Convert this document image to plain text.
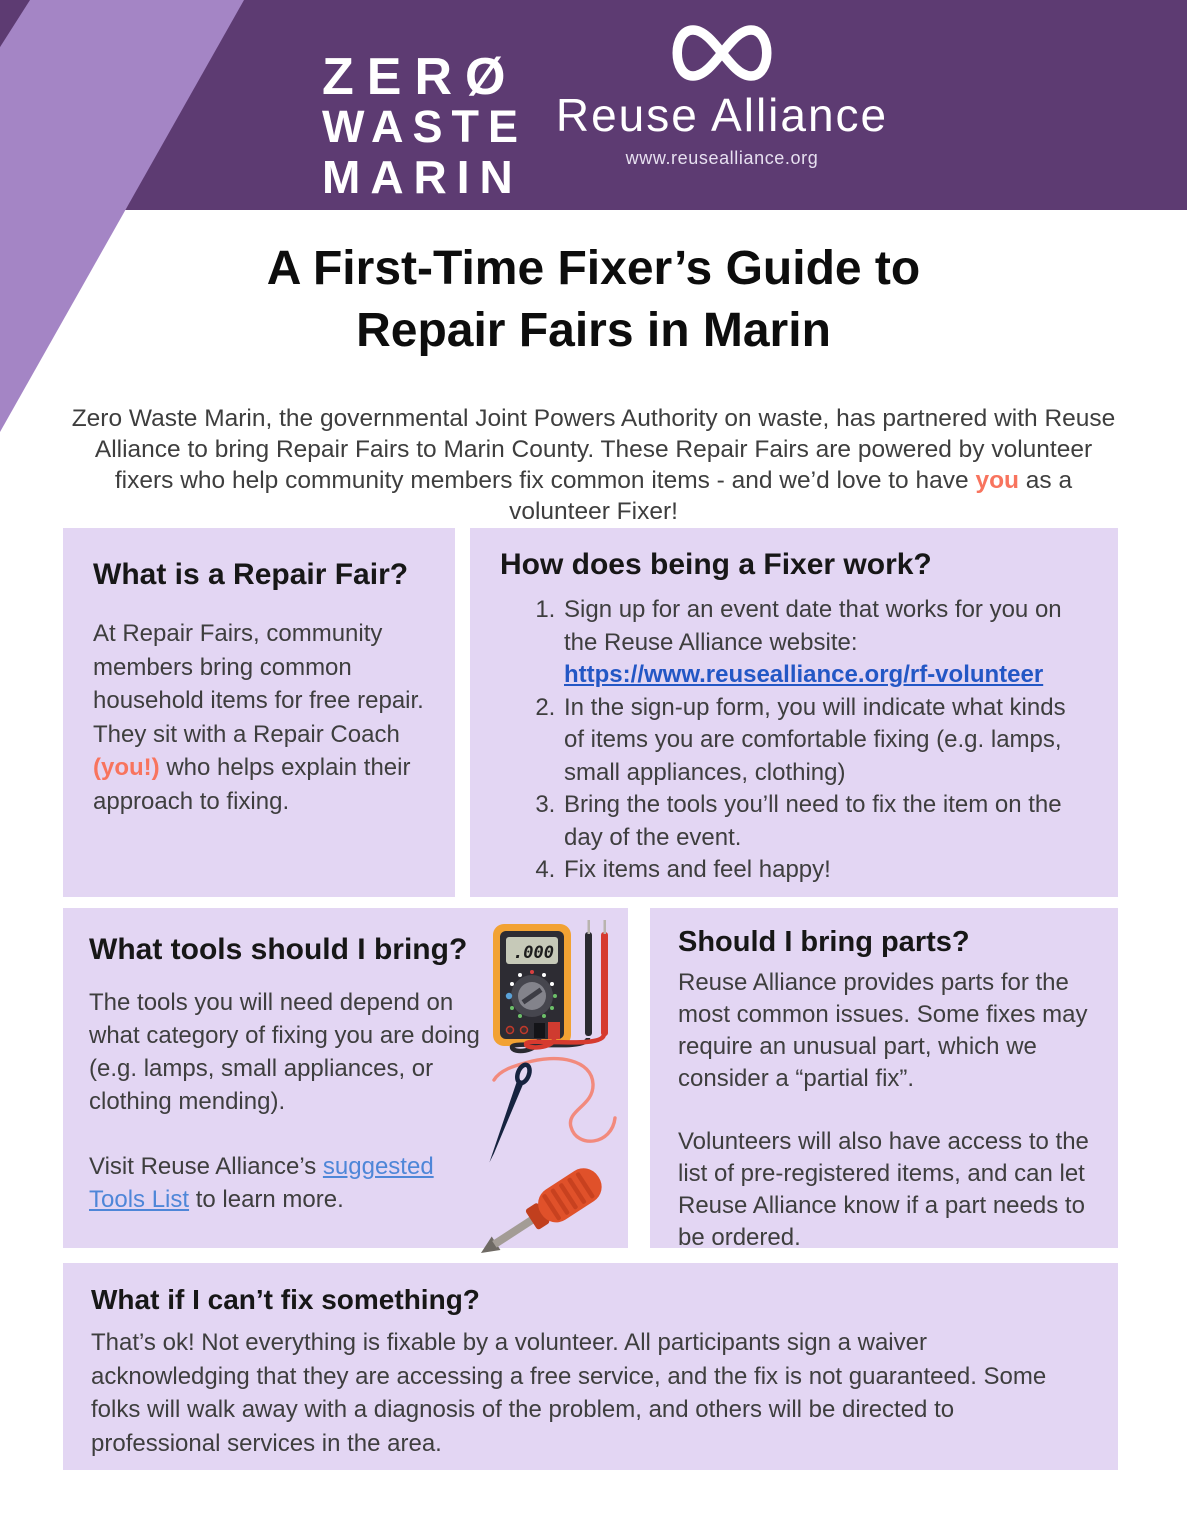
ZERØ
WASTE
MARIN
Reuse Alliance
www.reusealliance.org
A First-Time Fixer’s Guide to
Repair Fairs in Marin

Zero Waste Marin, the governmental Joint Powers Authority on waste, has partnered with Reuse Alliance to bring Repair Fairs to Marin County. These Repair Fairs are powered by volunteer fixers who help community members fix common items - and we’d love to have you as a volunteer Fixer!

What is a Repair Fair?

At Repair Fairs, community members bring common household items for free repair. They sit with a Repair Coach (you!) who helps explain their approach to fixing.

How does being a Fixer work?
1. Sign up for an event date that works for you on the Reuse Alliance website: https://www.reusealliance.org/rf-volunteer
2. In the sign-up form, you will indicate what kinds of items you are comfortable fixing (e.g. lamps, small appliances, clothing)
3. Bring the tools you’ll need to fix the item on the day of the event.
4. Fix items and feel happy!
What tools should I bring?

The tools you will need depend on what category of fixing you are doing (e.g. lamps, small appliances, or clothing mending).

Visit Reuse Alliance’s suggested Tools List to learn more.

.000	Should I bring parts?

Reuse Alliance provides parts for the most common issues. Some fixes may require an unusual part, which we consider a “partial fix”.

Volunteers will also have access to the list of pre-registered items, and can let Reuse Alliance know if a part needs to be ordered.

What if I can’t fix something?

That’s ok! Not everything is fixable by a volunteer. All participants sign a waiver acknowledging that they are accessing a free service, and the fix is not guaranteed. Some folks will walk away with a diagnosis of the problem, and others will be directed to professional services in the area.
